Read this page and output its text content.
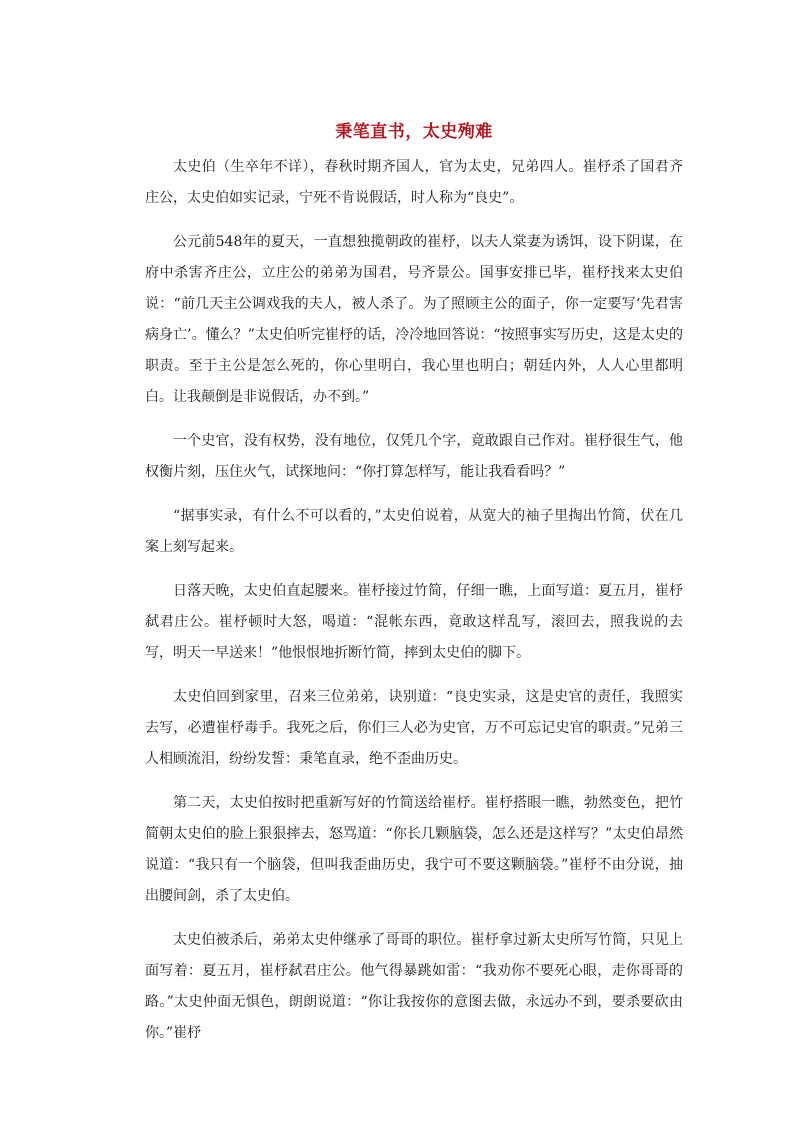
秉笔直书，太史殉难

太史伯（生卒年不详），春秋时期齐国人，官为太史，兄弟四人。崔杼杀了国君齐庄公，太史伯如实记录，宁死不肯说假话，时人称为“良史”。

公元前548年的夏天，一直想独揽朝政的崔杼，以夫人棠妻为诱饵，设下阴谋，在府中杀害齐庄公，立庄公的弟弟为国君，号齐景公。国事安排已毕，崔杼找来太史伯说：“前几天主公调戏我的夫人，被人杀了。为了照顾主公的面子，你一定要写‘先君害病身亡’。懂么？”太史伯听完崔杼的话，冷冷地回答说：“按照事实写历史，这是太史的职责。至于主公是怎么死的，你心里明白，我心里也明白；朝廷内外，人人心里都明白。让我颠倒是非说假话，办不到。”

一个史官，没有权势，没有地位，仅凭几个字，竟敢跟自己作对。崔杼很生气，他权衡片刻，压住火气，试探地问：“你打算怎样写，能让我看看吗？”

“据事实录，有什么不可以看的，”太史伯说着，从宽大的袖子里掏出竹简，伏在几案上刻写起来。

日落天晚，太史伯直起腰来。崔杼接过竹简，仔细一瞧，上面写道：夏五月，崔杼弑君庄公。崔杼顿时大怒，喝道：“混帐东西，竟敢这样乱写，滚回去，照我说的去写，明天一早送来！”他恨恨地折断竹简，摔到太史伯的脚下。

太史伯回到家里，召来三位弟弟，诀别道：“良史实录，这是史官的责任，我照实去写，必遭崔杼毒手。我死之后，你们三人必为史官，万不可忘记史官的职责。”兄弟三人相顾流泪，纷纷发誓：秉笔直录，绝不歪曲历史。

第二天，太史伯按时把重新写好的竹简送给崔杼。崔杼搭眼一瞧，勃然变色，把竹简朝太史伯的脸上狠狠摔去，怒骂道：“你长几颗脑袋，怎么还是这样写？”太史伯昂然说道：“我只有一个脑袋，但叫我歪曲历史，我宁可不要这颗脑袋。”崔杼不由分说，抽出腰间剑，杀了太史伯。

太史伯被杀后，弟弟太史仲继承了哥哥的职位。崔杼拿过新太史所写竹简，只见上面写着：夏五月，崔杼弑君庄公。他气得暴跳如雷：“我劝你不要死心眼，走你哥哥的路。”太史仲面无惧色，朗朗说道：“你让我按你的意图去做，永远办不到，要杀要砍由你。”崔杼
